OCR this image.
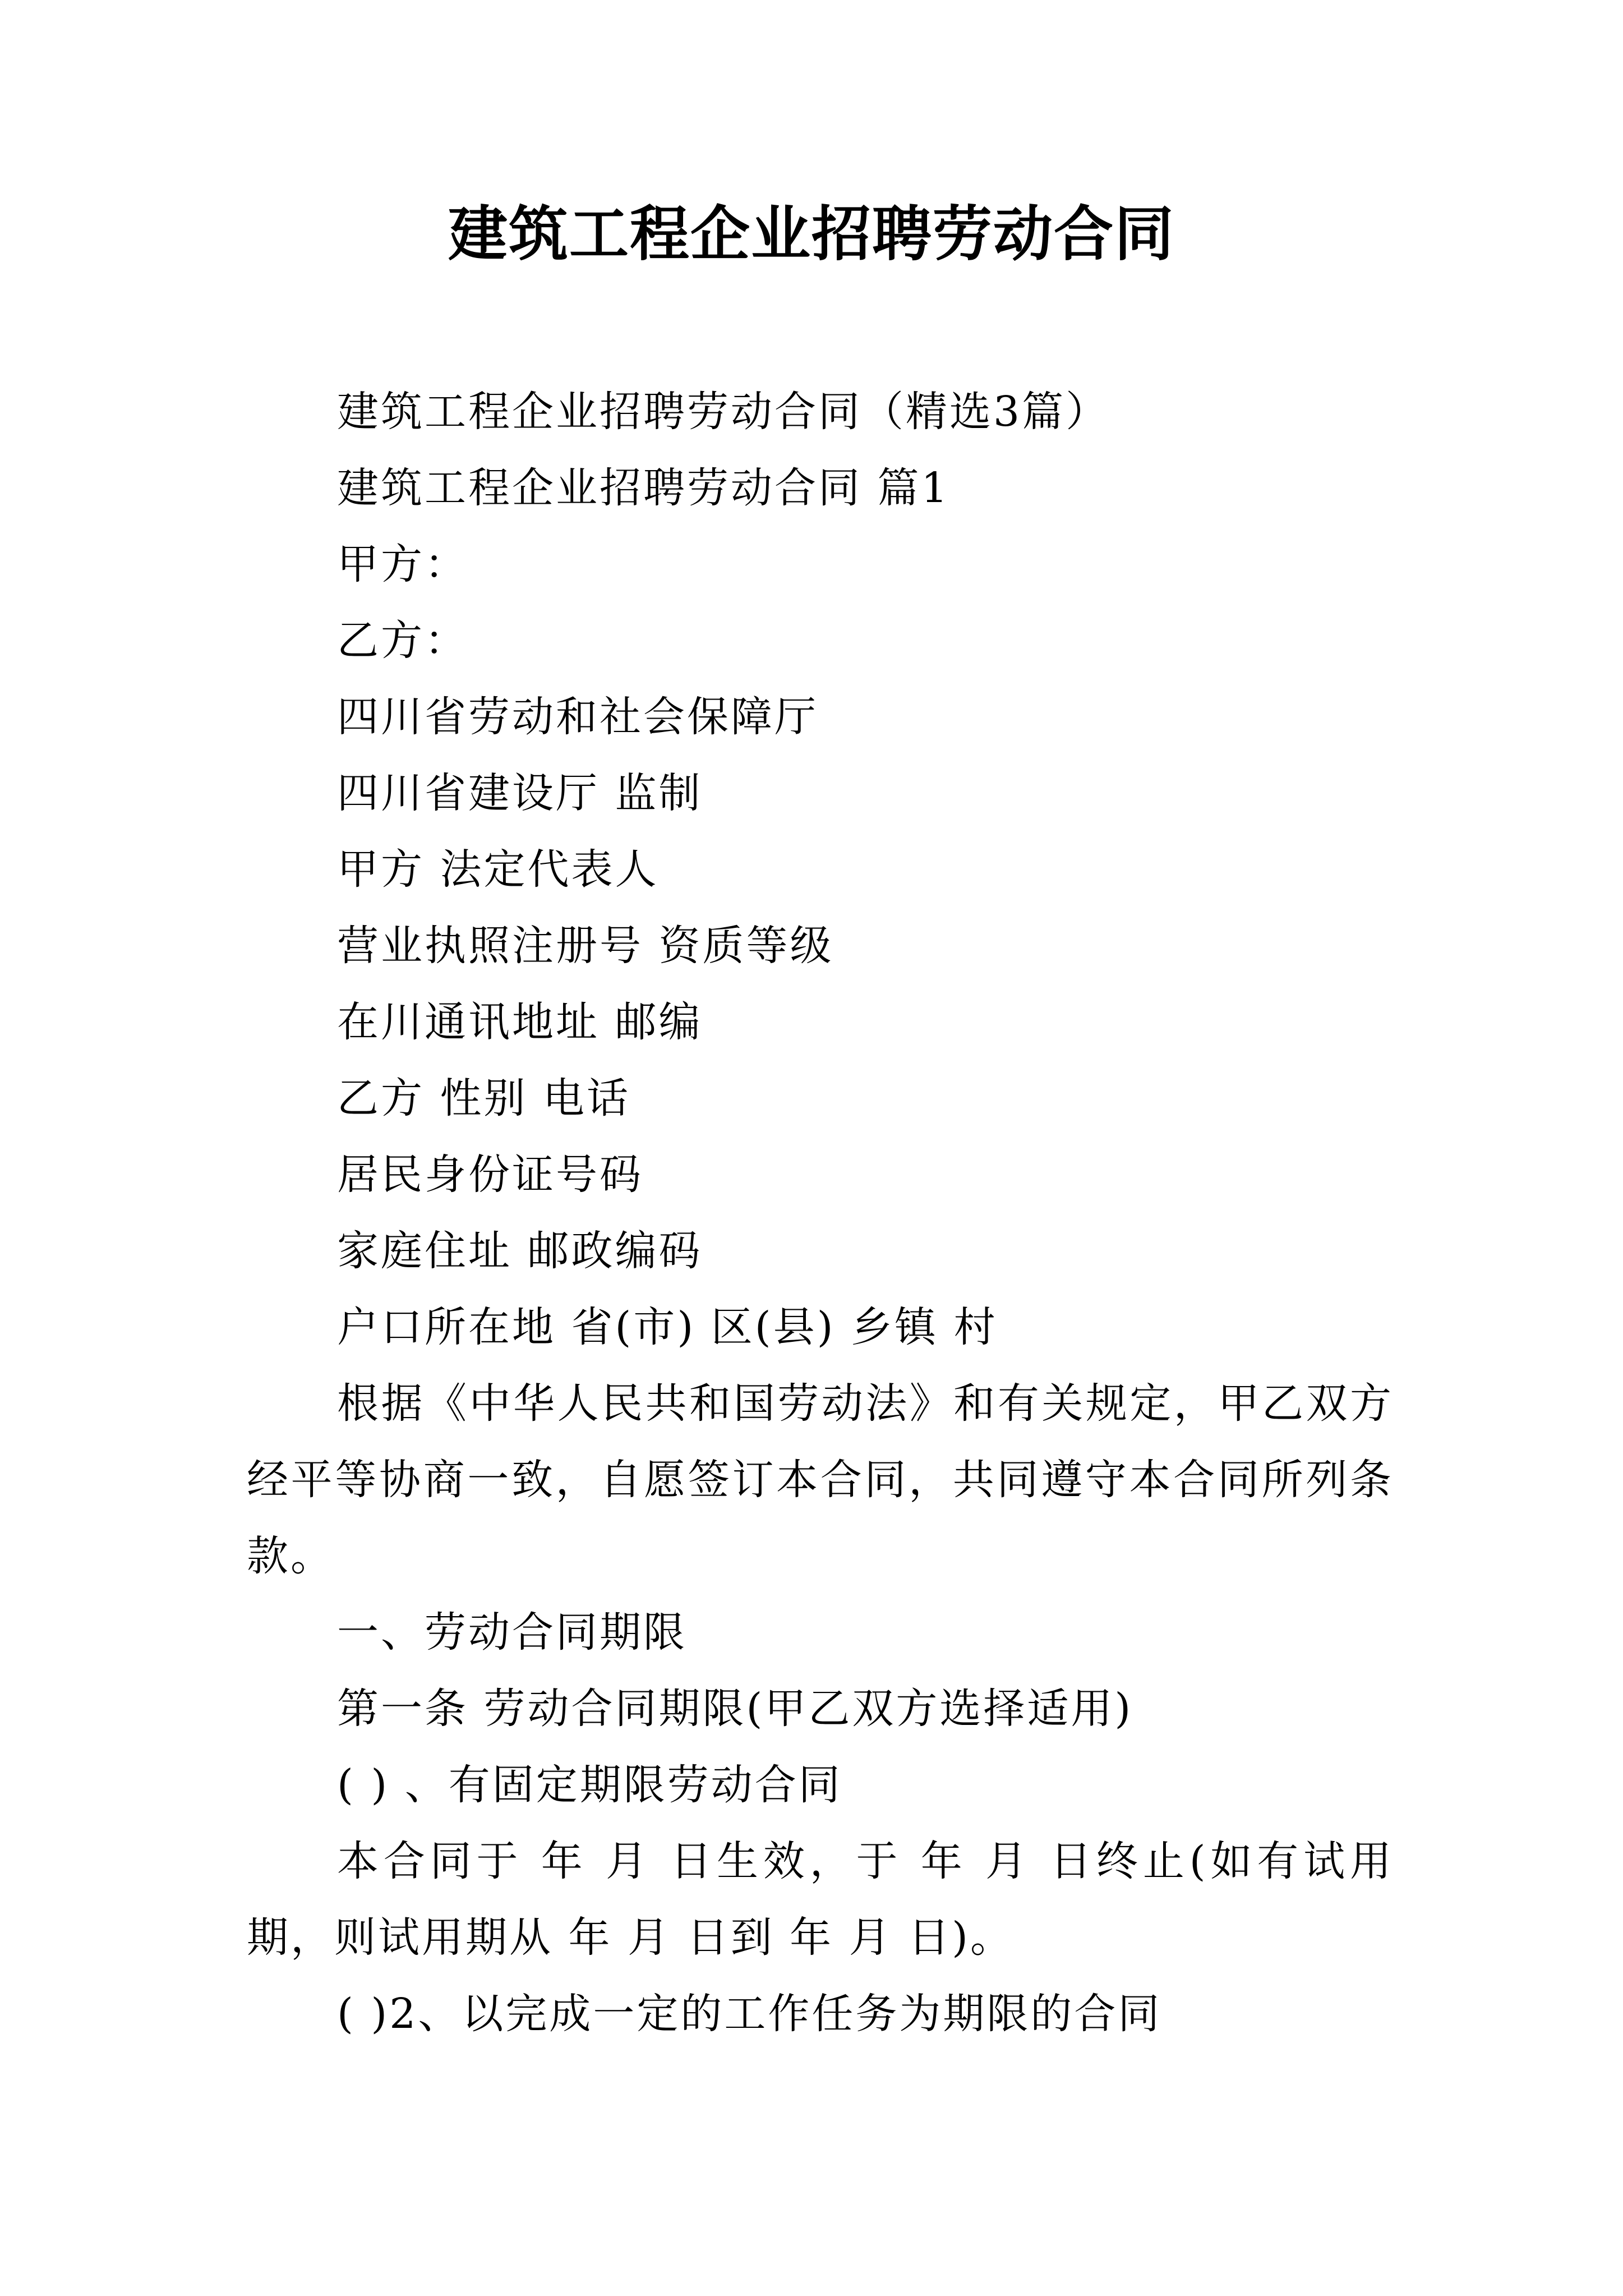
建筑工程企业招聘劳动合同

建筑工程企业招聘劳动合同（精选3篇）

建筑工程企业招聘劳动合同 篇1

甲方：

乙方：

四川省劳动和社会保障厅

四川省建设厅 监制

甲方 法定代表人

营业执照注册号 资质等级

在川通讯地址 邮编

乙方 性别 电话

居民身份证号码

家庭住址 邮政编码

户口所在地 省(市) 区(县) 乡镇 村

根据《中华人民共和国劳动法》和有关规定，甲乙双方经平等协商一致，自愿签订本合同，共同遵守本合同所列条款。

一、劳动合同期限

第一条 劳动合同期限(甲乙双方选择适用)

( ) 、有固定期限劳动合同

本合同于 年 月 日生效，于 年 月 日终止(如有试用期，则试用期从 年 月 日到 年 月 日)。

( )2、以完成一定的工作任务为期限的合同
